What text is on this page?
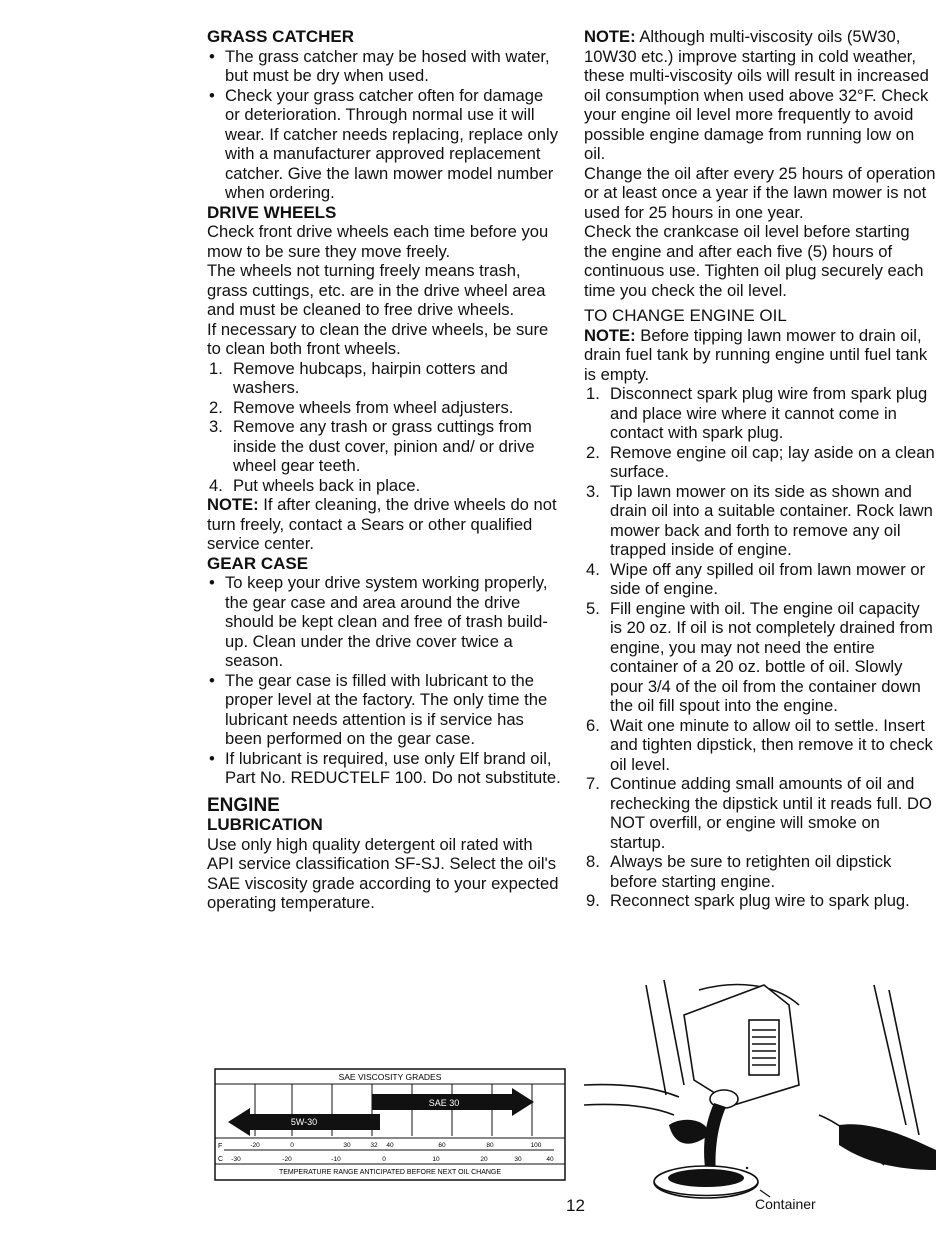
GRASS CATCHER
• The grass catcher may be hosed with water, but must be dry when used.
• Check your grass catcher often for damage or deterioration. Through normal use it will wear. If catcher needs replacing, replace only with a manufacturer approved replacement catcher. Give the lawn mower model number when ordering.
DRIVE WHEELS

Check front drive wheels each time before you mow to be sure they move freely.

The wheels not turning freely means trash, grass cuttings, etc. are in the drive wheel area and must be cleaned to free drive wheels.

If necessary to clean the drive wheels, be sure to clean both front wheels.

1. Remove hubcaps, hairpin cotters and washers.
2. Remove wheels from wheel adjusters.
3. Remove any trash or grass cuttings from inside the dust cover, pinion and/ or drive wheel gear teeth.
4. Put wheels back in place.

NOTE: If after cleaning, the drive wheels do not turn freely, contact a Sears or other qualified service center.

GEAR CASE
• To keep your drive system working properly, the gear case and area around the drive should be kept clean and free of trash build-up. Clean under the drive cover twice a season.
• The gear case is filled with lubricant to the proper level at the factory. The only time the lubricant needs attention is if service has been performed on the gear case.
• If lubricant is required, use only Elf brand oil, Part No. REDUCTELF 100. Do not substitute.
ENGINE
LUBRICATION

Use only high quality detergent oil rated with API service classification SF-SJ. Select the oil's SAE viscosity grade according to your expected operating temperature.

NOTE: Although multi-viscosity oils (5W30, 10W30 etc.) improve starting in cold weather, these multi-viscosity oils will result in increased oil consumption when used above 32°F. Check your engine oil level more frequently to avoid possible engine damage from running low on oil.

Change the oil after every 25 hours of operation or at least once a year if the lawn mower is not used for 25 hours in one year.

Check the crankcase oil level before starting the engine and after each five (5) hours of continuous use. Tighten oil plug securely each time you check the oil level.

TO CHANGE ENGINE OIL

NOTE: Before tipping lawn mower to drain oil, drain fuel tank by running engine until fuel tank is empty.

1. Disconnect spark plug wire from spark plug and place wire where it cannot come in contact with spark plug.
2. Remove engine oil cap; lay aside on a clean surface.
3. Tip lawn mower on its side as shown and drain oil into a suitable container. Rock lawn mower back and forth to remove any oil trapped inside of engine.
4. Wipe off any spilled oil from lawn mower or side of engine.
5. Fill engine with oil. The engine oil capacity is 20 oz. If oil is not completely drained from engine, you may not need the entire container of a 20 oz. bottle of oil. Slowly pour 3/4 of the oil from the container down the oil fill spout into the engine.
6. Wait one minute to allow oil to settle. Insert and tighten dipstick, then remove it to check oil level.
7. Continue adding small amounts of oil and rechecking the dipstick until it reads full. DO NOT overfill, or engine will smoke on startup.
8. Always be sure to retighten oil dipstick before starting engine.
9. Reconnect spark plug wire to spark plug.
SAE VISCOSITY GRADES
SAE 30
5W-30
F	-20	0	30	32 40	60	80	100
C -30	-20	-10	0	10	20	30	40
TEMPERATURE RANGE ANTICIPATED BEFORE NEXT OIL CHANGE
Container
12
